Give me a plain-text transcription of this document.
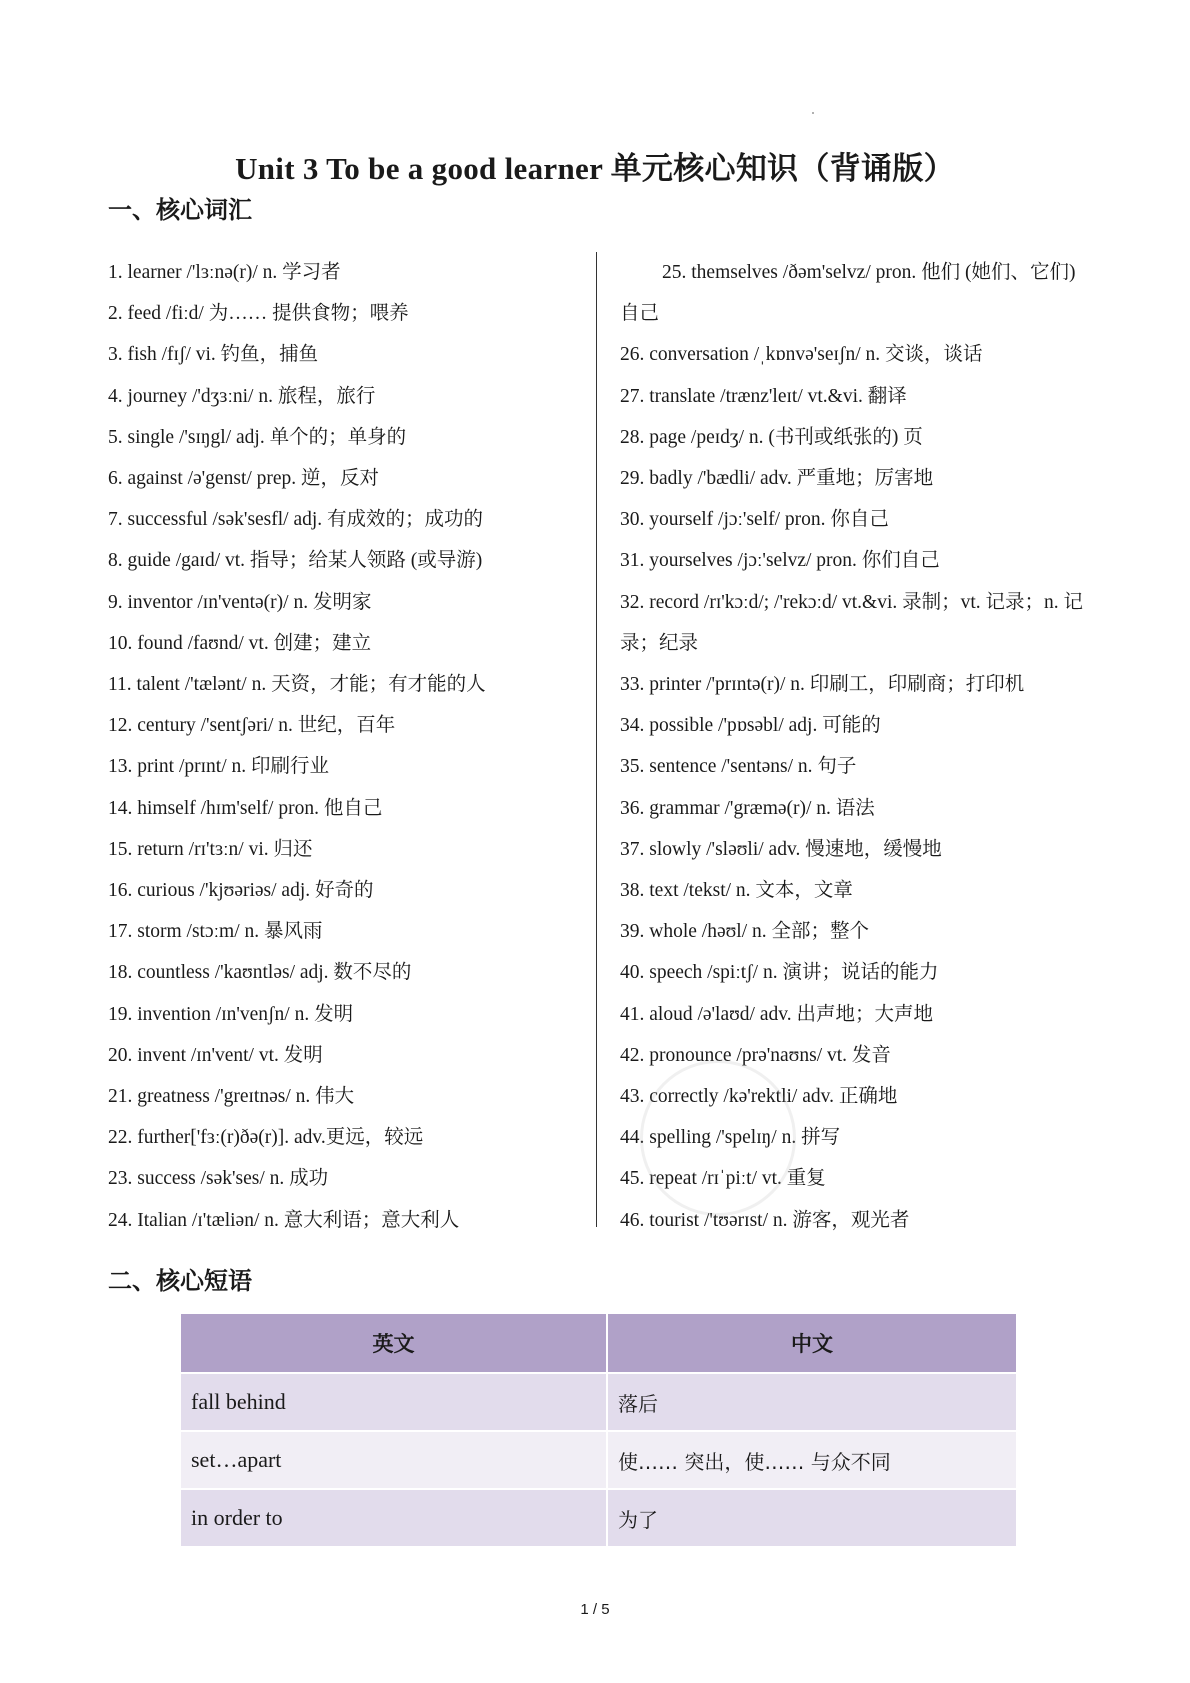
Unit 3 To be a good learner 单元核心知识（背诵版）
一、核心词汇
1. learner /'lɜːnə(r)/ n. 学习者
2. feed /fiːd/ 为…… 提供食物；喂养
3. fish /fɪʃ/ vi. 钓鱼，捕鱼
4. journey /'dʒɜːni/ n. 旅程，旅行
5. single /'sɪŋgl/ adj. 单个的；单身的
6. against /ə'genst/ prep. 逆，反对
7. successful /sək'sesfl/ adj. 有成效的；成功的
8. guide /gaɪd/ vt. 指导；给某人领路 (或导游)
9. inventor /ɪn'ventə(r)/ n. 发明家
10. found /faʊnd/ vt. 创建；建立
11. talent /'tælənt/ n. 天资，才能；有才能的人
12. century /'sentʃəri/ n. 世纪，百年
13. print /prɪnt/ n. 印刷行业
14. himself /hɪm'self/ pron. 他自己
15. return /rɪ'tɜːn/ vi. 归还
16. curious /'kjʊəriəs/ adj. 好奇的
17. storm /stɔːm/ n. 暴风雨
18. countless /'kaʊntləs/ adj. 数不尽的
19. invention /ɪn'venʃn/ n. 发明
20. invent /ɪn'vent/ vt. 发明
21. greatness /'greɪtnəs/ n. 伟大
22. further['fɜː(r)ðə(r)]. adv.更远，较远
23. success /sək'ses/ n. 成功
24. Italian /ɪ'tæliən/ n. 意大利语；意大利人
25. themselves /ðəm'selvz/ pron. 他们 (她们、它们) 自己
26. conversation /ˌkɒnvə'seɪʃn/ n. 交谈，谈话
27. translate /trænz'leɪt/ vt.&vi. 翻译
28. page /peɪdʒ/ n. (书刊或纸张的) 页
29. badly /'bædli/ adv. 严重地；厉害地
30. yourself /jɔː'self/ pron. 你自己
31. yourselves /jɔː'selvz/ pron. 你们自己
32. record /rɪ'kɔːd/; /'rekɔːd/ vt.&vi. 录制；vt. 记录；n. 记录；纪录
33. printer /'prɪntə(r)/ n. 印刷工，印刷商；打印机
34. possible /'pɒsəbl/ adj. 可能的
35. sentence /'sentəns/ n. 句子
36. grammar /'græmə(r)/ n. 语法
37. slowly /'sləʊli/ adv. 慢速地，缓慢地
38. text /tekst/ n. 文本，文章
39. whole /həʊl/ n. 全部；整个
40. speech /spiːtʃ/ n. 演讲；说话的能力
41. aloud /ə'laʊd/ adv. 出声地；大声地
42. pronounce /prə'naʊns/ vt. 发音
43. correctly /kə'rektli/ adv. 正确地
44. spelling /'spelɪŋ/ n. 拼写
45. repeat /rɪˈpiːt/ vt. 重复
46. tourist /'tʊərɪst/ n. 游客，观光者
二、核心短语
英文	中文
fall behind	落后
set…apart	使…… 突出，使…… 与众不同
in order to	为了
1 / 5
